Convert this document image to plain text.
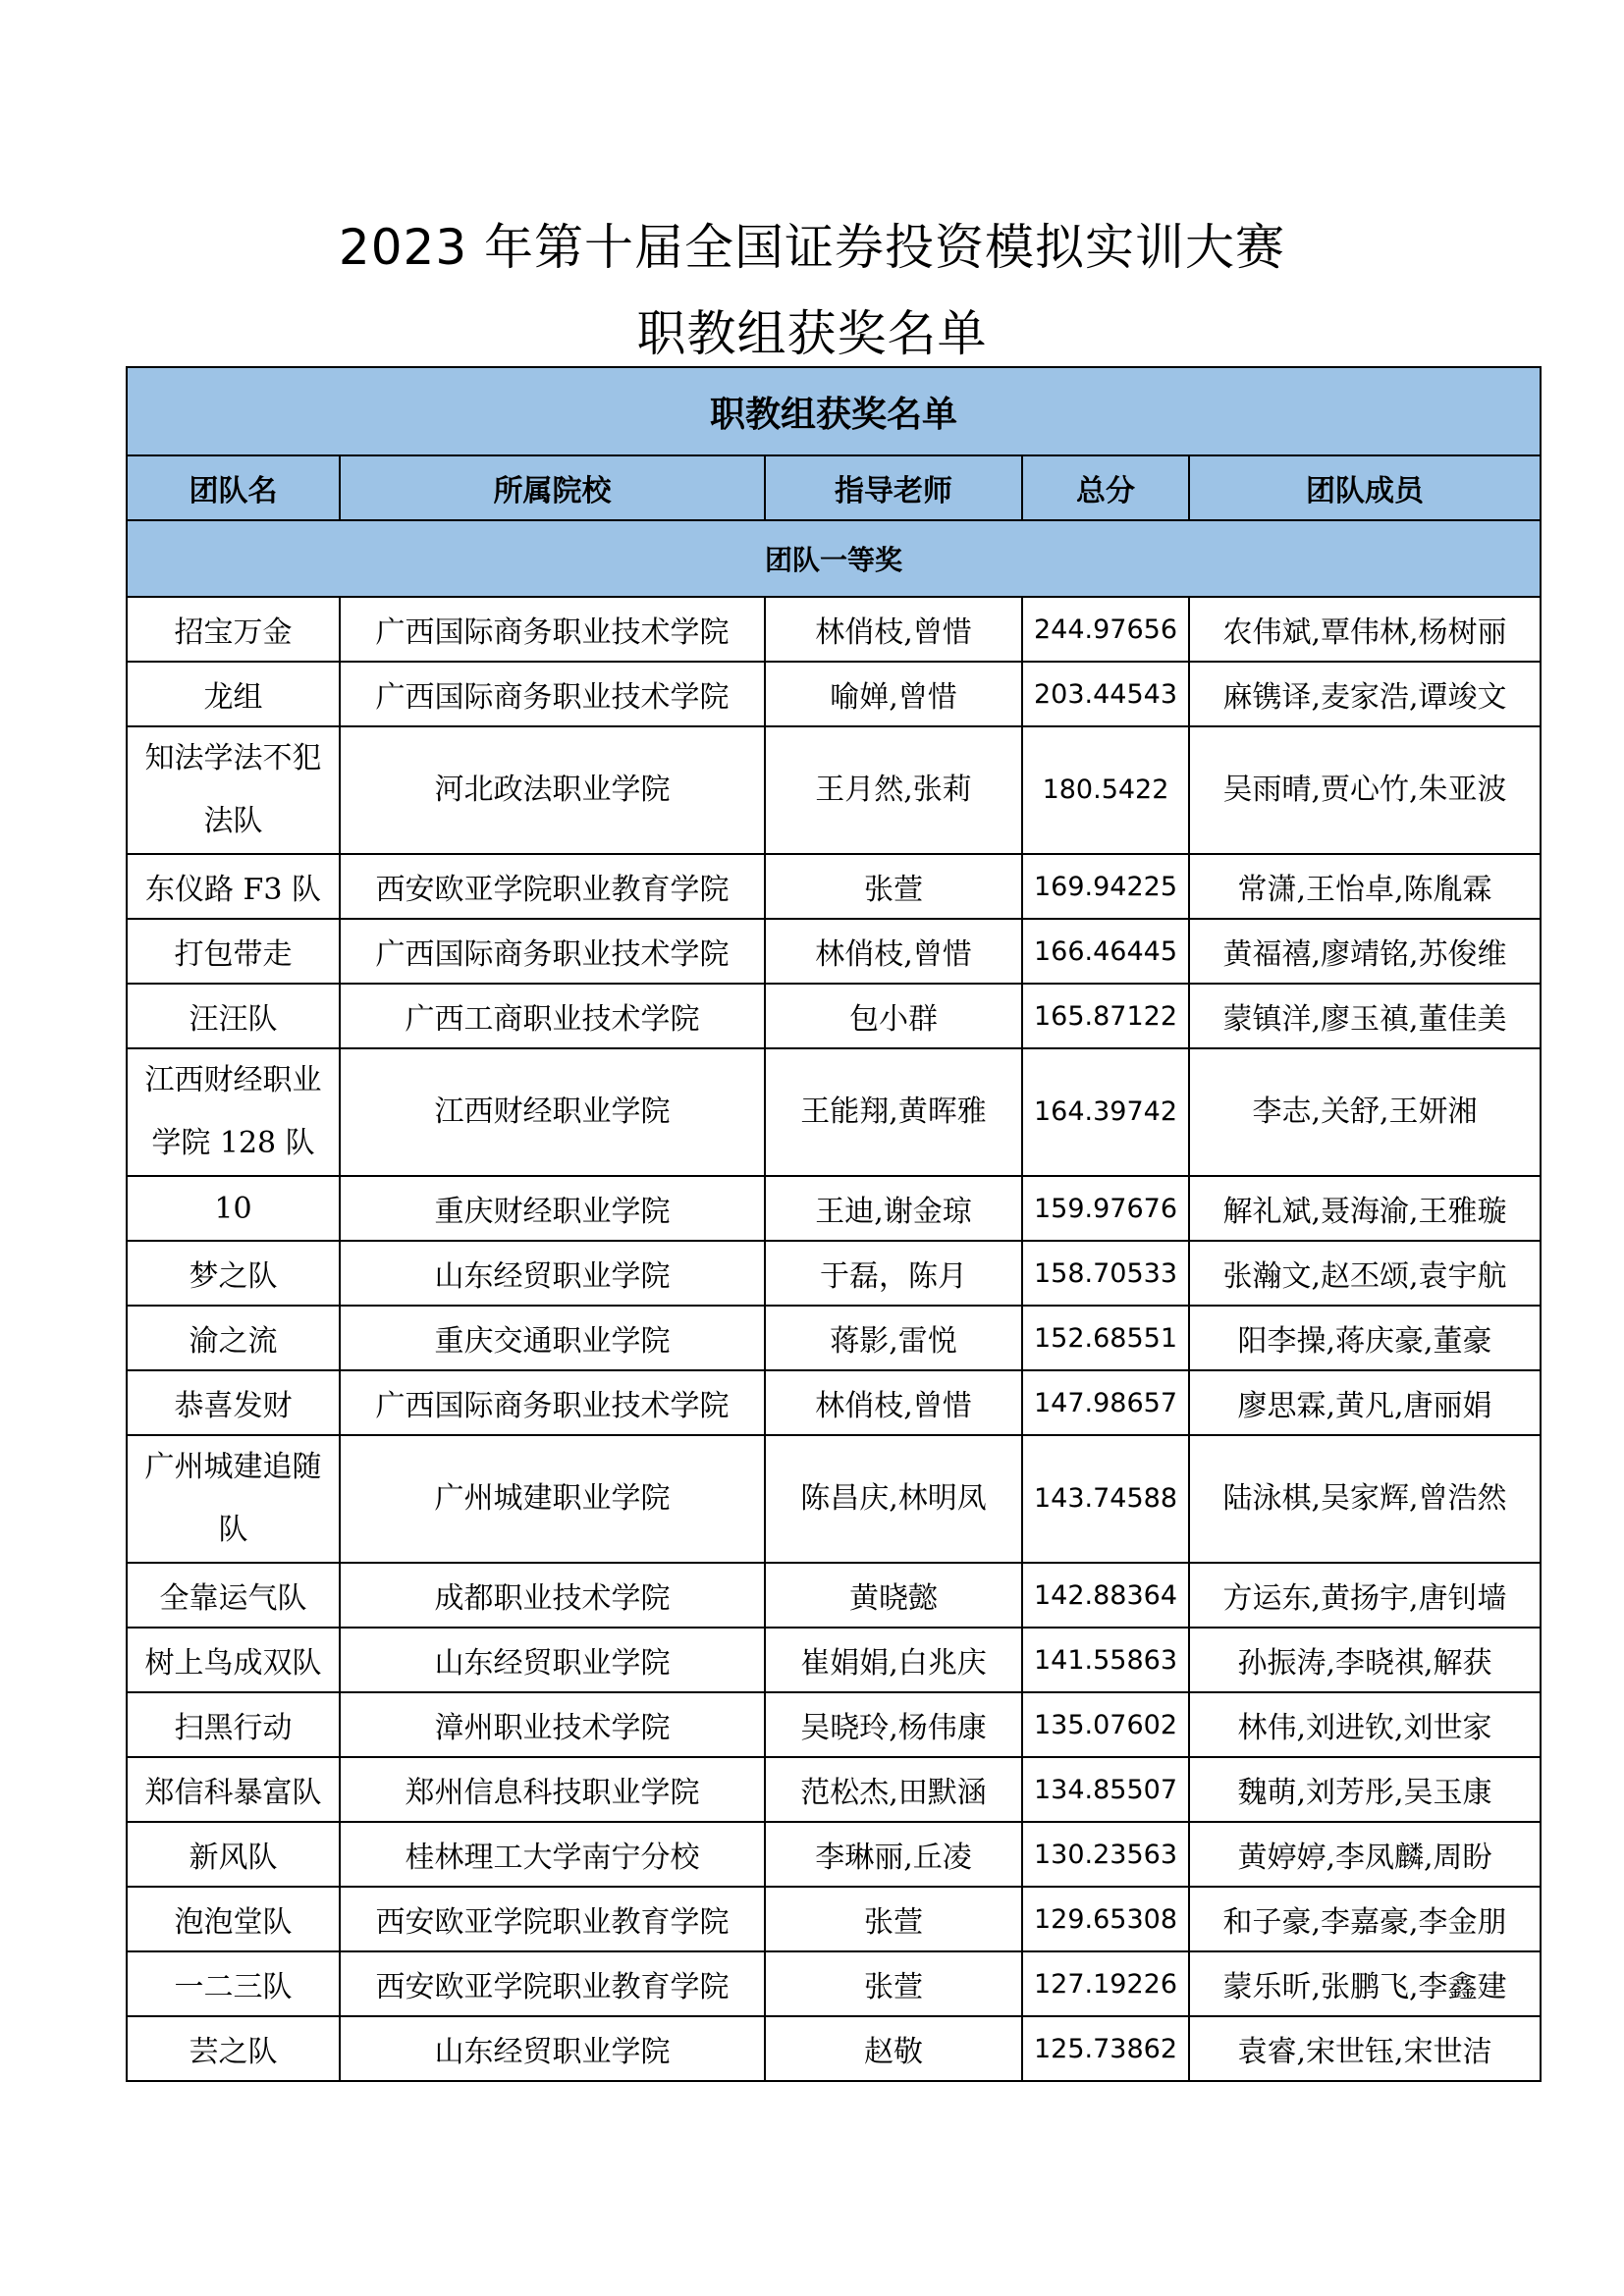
2023 年第十届全国证券投资模拟实训大赛
职教组获奖名单
职教组获奖名单				
团队名	所属院校	指导老师	总分	团队成员
团队一等奖				
招宝万金	广西国际商务职业技术学院	林俏枝,曾惜	244.97656	农伟斌,覃伟林,杨树丽
龙组	广西国际商务职业技术学院	喻婵,曾惜	203.44543	麻镌译,麦家浩,谭竣文
知法学法不犯法队	河北政法职业学院	王月然,张莉	180.5422	吴雨晴,贾心竹,朱亚波
东仪路 F3 队	西安欧亚学院职业教育学院	张萱	169.94225	常潇,王怡卓,陈胤霖
打包带走	广西国际商务职业技术学院	林俏枝,曾惜	166.46445	黄福禧,廖靖铭,苏俊维
汪汪队	广西工商职业技术学院	包小群	165.87122	蒙镇洋,廖玉禛,董佳美
江西财经职业学院 128 队	江西财经职业学院	王能翔,黄晖雅	164.39742	李志,关舒,王妍湘
10	重庆财经职业学院	王迪,谢金琼	159.97676	解礼斌,聂海渝,王雅璇
梦之队	山东经贸职业学院	于磊，陈月	158.70533	张瀚文,赵丕颂,袁宇航
渝之流	重庆交通职业学院	蒋影,雷悦	152.68551	阳李操,蒋庆豪,董豪
恭喜发财	广西国际商务职业技术学院	林俏枝,曾惜	147.98657	廖思霖,黄凡,唐丽娟
广州城建追随队	广州城建职业学院	陈昌庆,林明凤	143.74588	陆泳棋,吴家辉,曾浩然
全靠运气队	成都职业技术学院	黄晓懿	142.88364	方运东,黄扬宇,唐钊墙
树上鸟成双队	山东经贸职业学院	崔娟娟,白兆庆	141.55863	孙振涛,李晓祺,解获
扫黑行动	漳州职业技术学院	吴晓玲,杨伟康	135.07602	林伟,刘进钦,刘世家
郑信科暴富队	郑州信息科技职业学院	范松杰,田默涵	134.85507	魏萌,刘芳彤,吴玉康
新风队	桂林理工大学南宁分校	李琳丽,丘凌	130.23563	黄婷婷,李凤麟,周盼
泡泡堂队	西安欧亚学院职业教育学院	张萱	129.65308	和子豪,李嘉豪,李金朋
一二三队	西安欧亚学院职业教育学院	张萱	127.19226	蒙乐昕,张鹏飞,李鑫建
芸之队	山东经贸职业学院	赵敬	125.73862	袁睿,宋世钰,宋世洁
